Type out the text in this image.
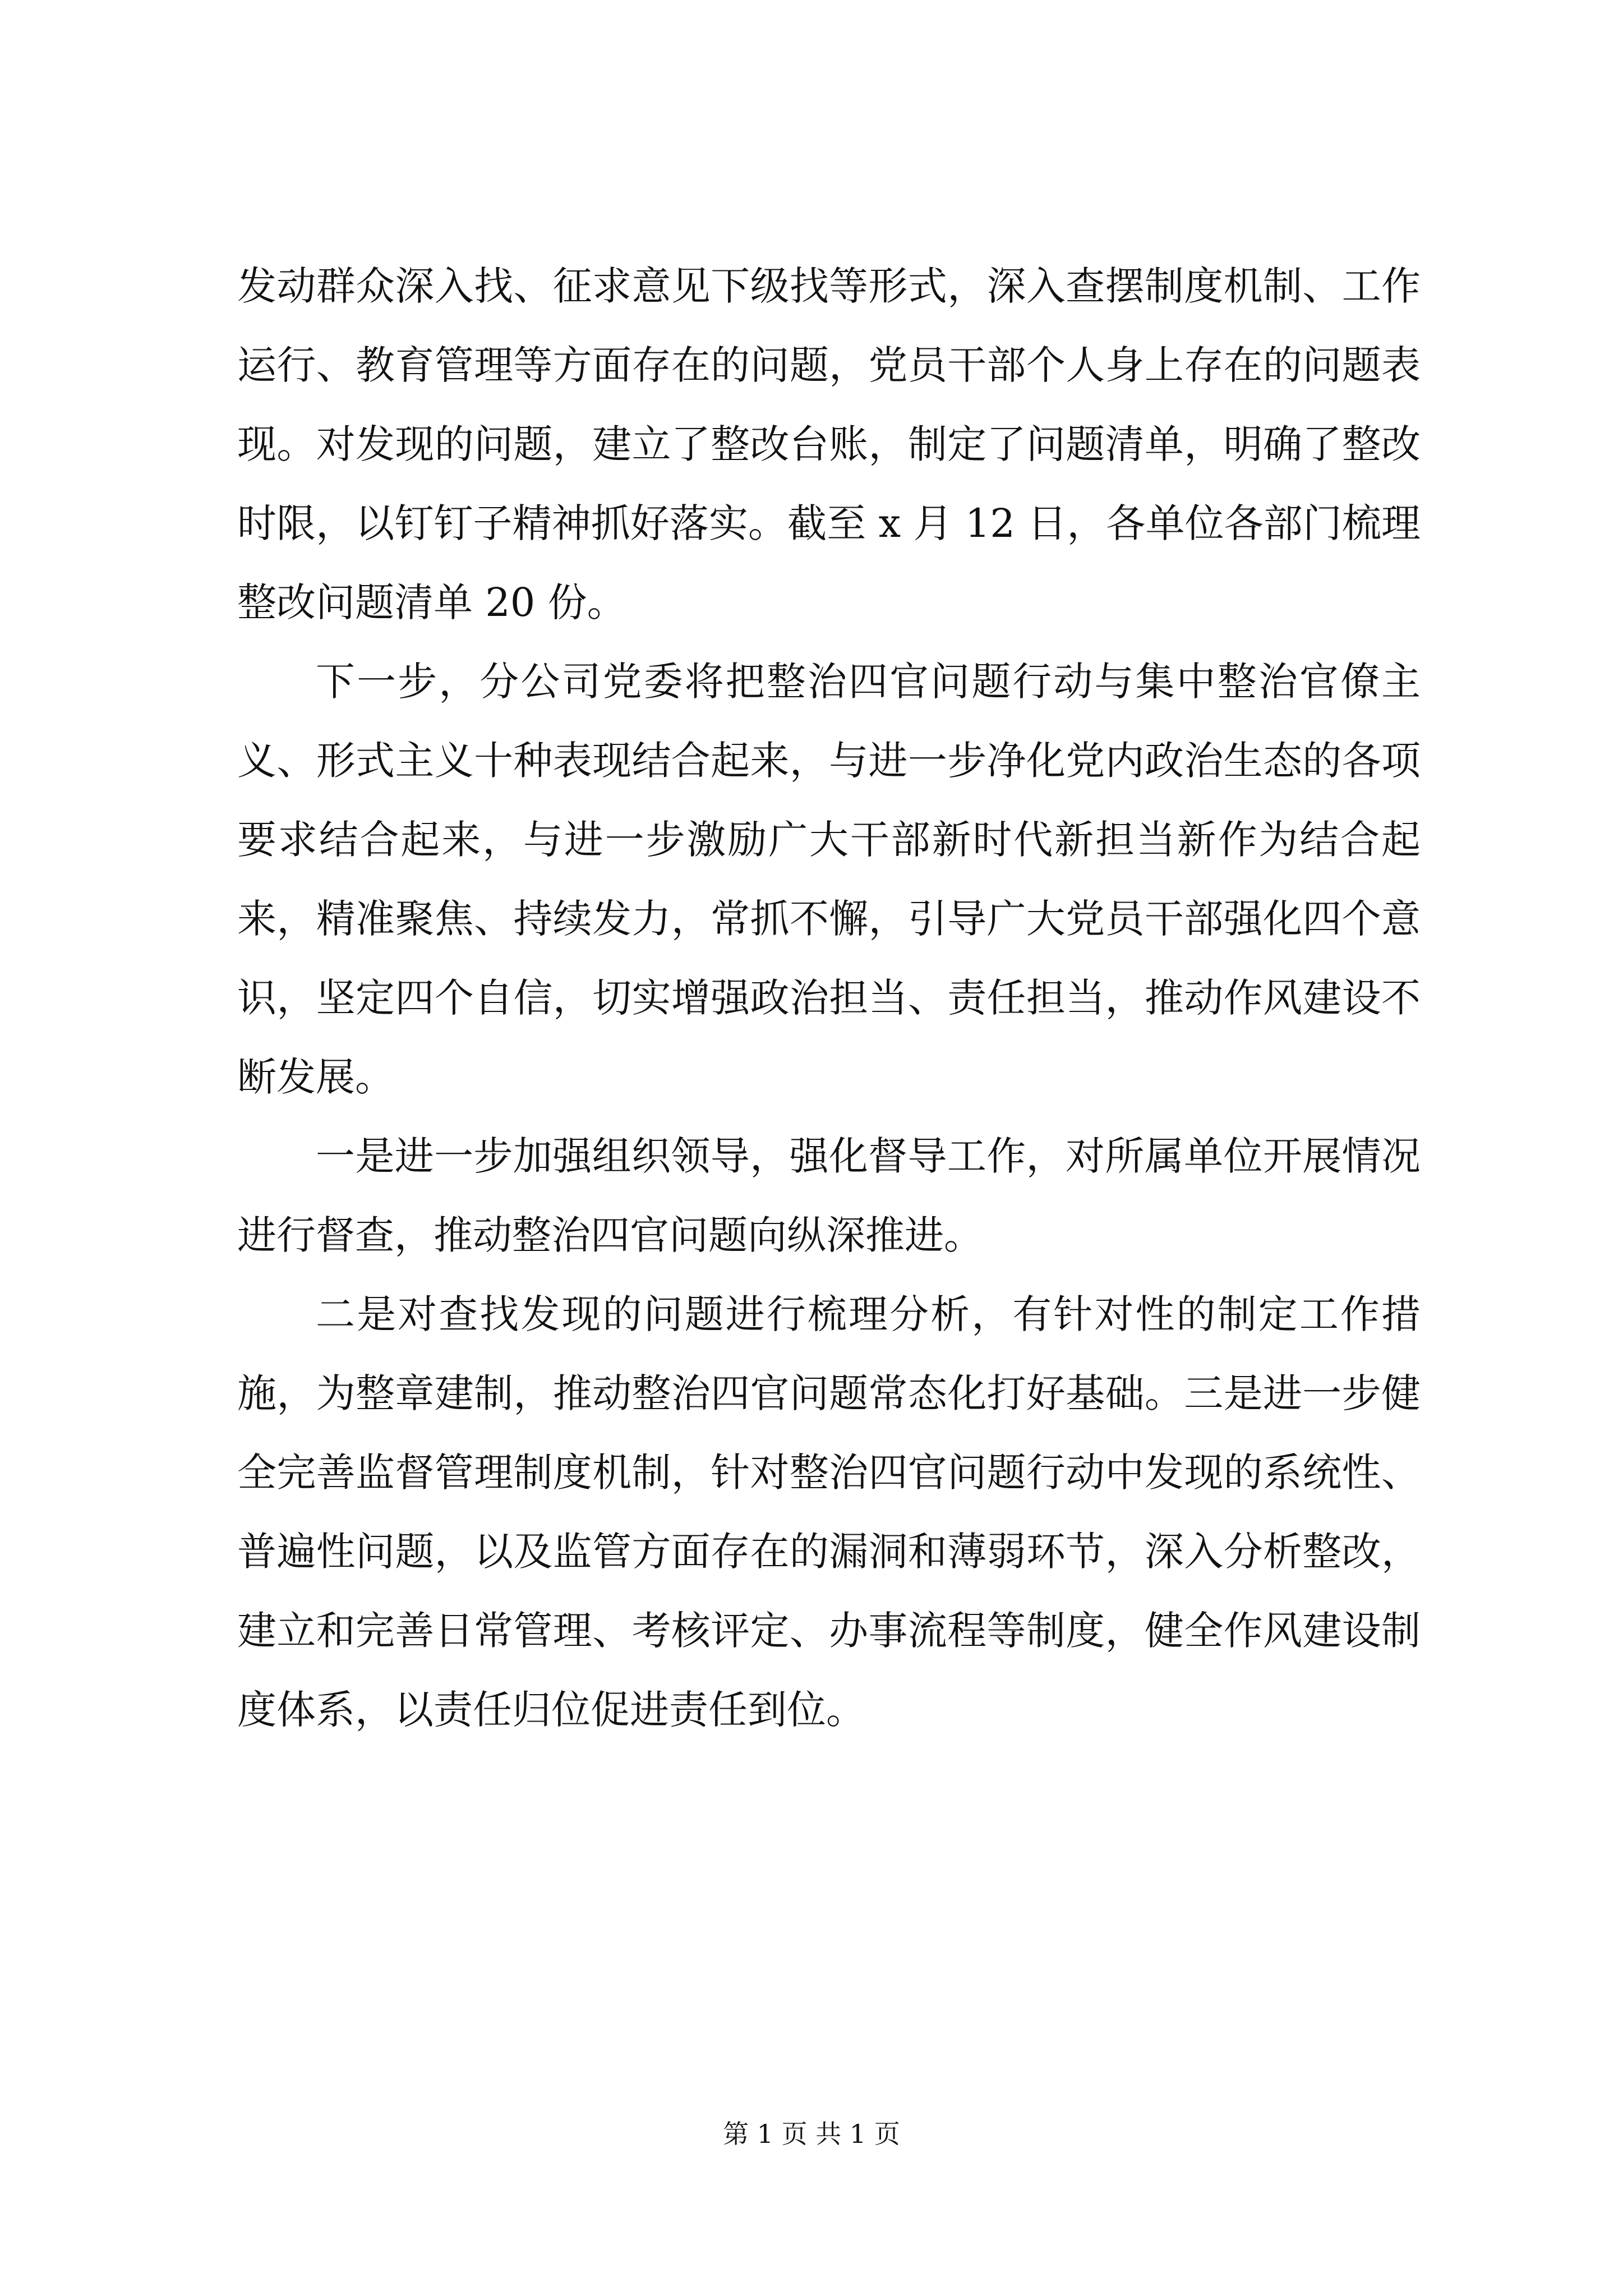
发动群众深入找、征求意见下级找等形式，深入查摆制度机制、工作运行、教育管理等方面存在的问题，党员干部个人身上存在的问题表现。对发现的问题，建立了整改台账，制定了问题清单，明确了整改时限，以钉钉子精神抓好落实。截至 x 月 12 日，各单位各部门梳理整改问题清单 20 份。

下一步，分公司党委将把整治四官问题行动与集中整治官僚主义、形式主义十种表现结合起来，与进一步净化党内政治生态的各项要求结合起来，与进一步激励广大干部新时代新担当新作为结合起来，精准聚焦、持续发力，常抓不懈，引导广大党员干部强化四个意识，坚定四个自信，切实增强政治担当、责任担当，推动作风建设不断发展。

一是进一步加强组织领导，强化督导工作，对所属单位开展情况进行督查，推动整治四官问题向纵深推进。

二是对查找发现的问题进行梳理分析，有针对性的制定工作措施，为整章建制，推动整治四官问题常态化打好基础。三是进一步健全完善监督管理制度机制，针对整治四官问题行动中发现的系统性、普遍性问题，以及监管方面存在的漏洞和薄弱环节，深入分析整改，建立和完善日常管理、考核评定、办事流程等制度，健全作风建设制度体系，以责任归位促进责任到位。

第 1 页 共 1 页
